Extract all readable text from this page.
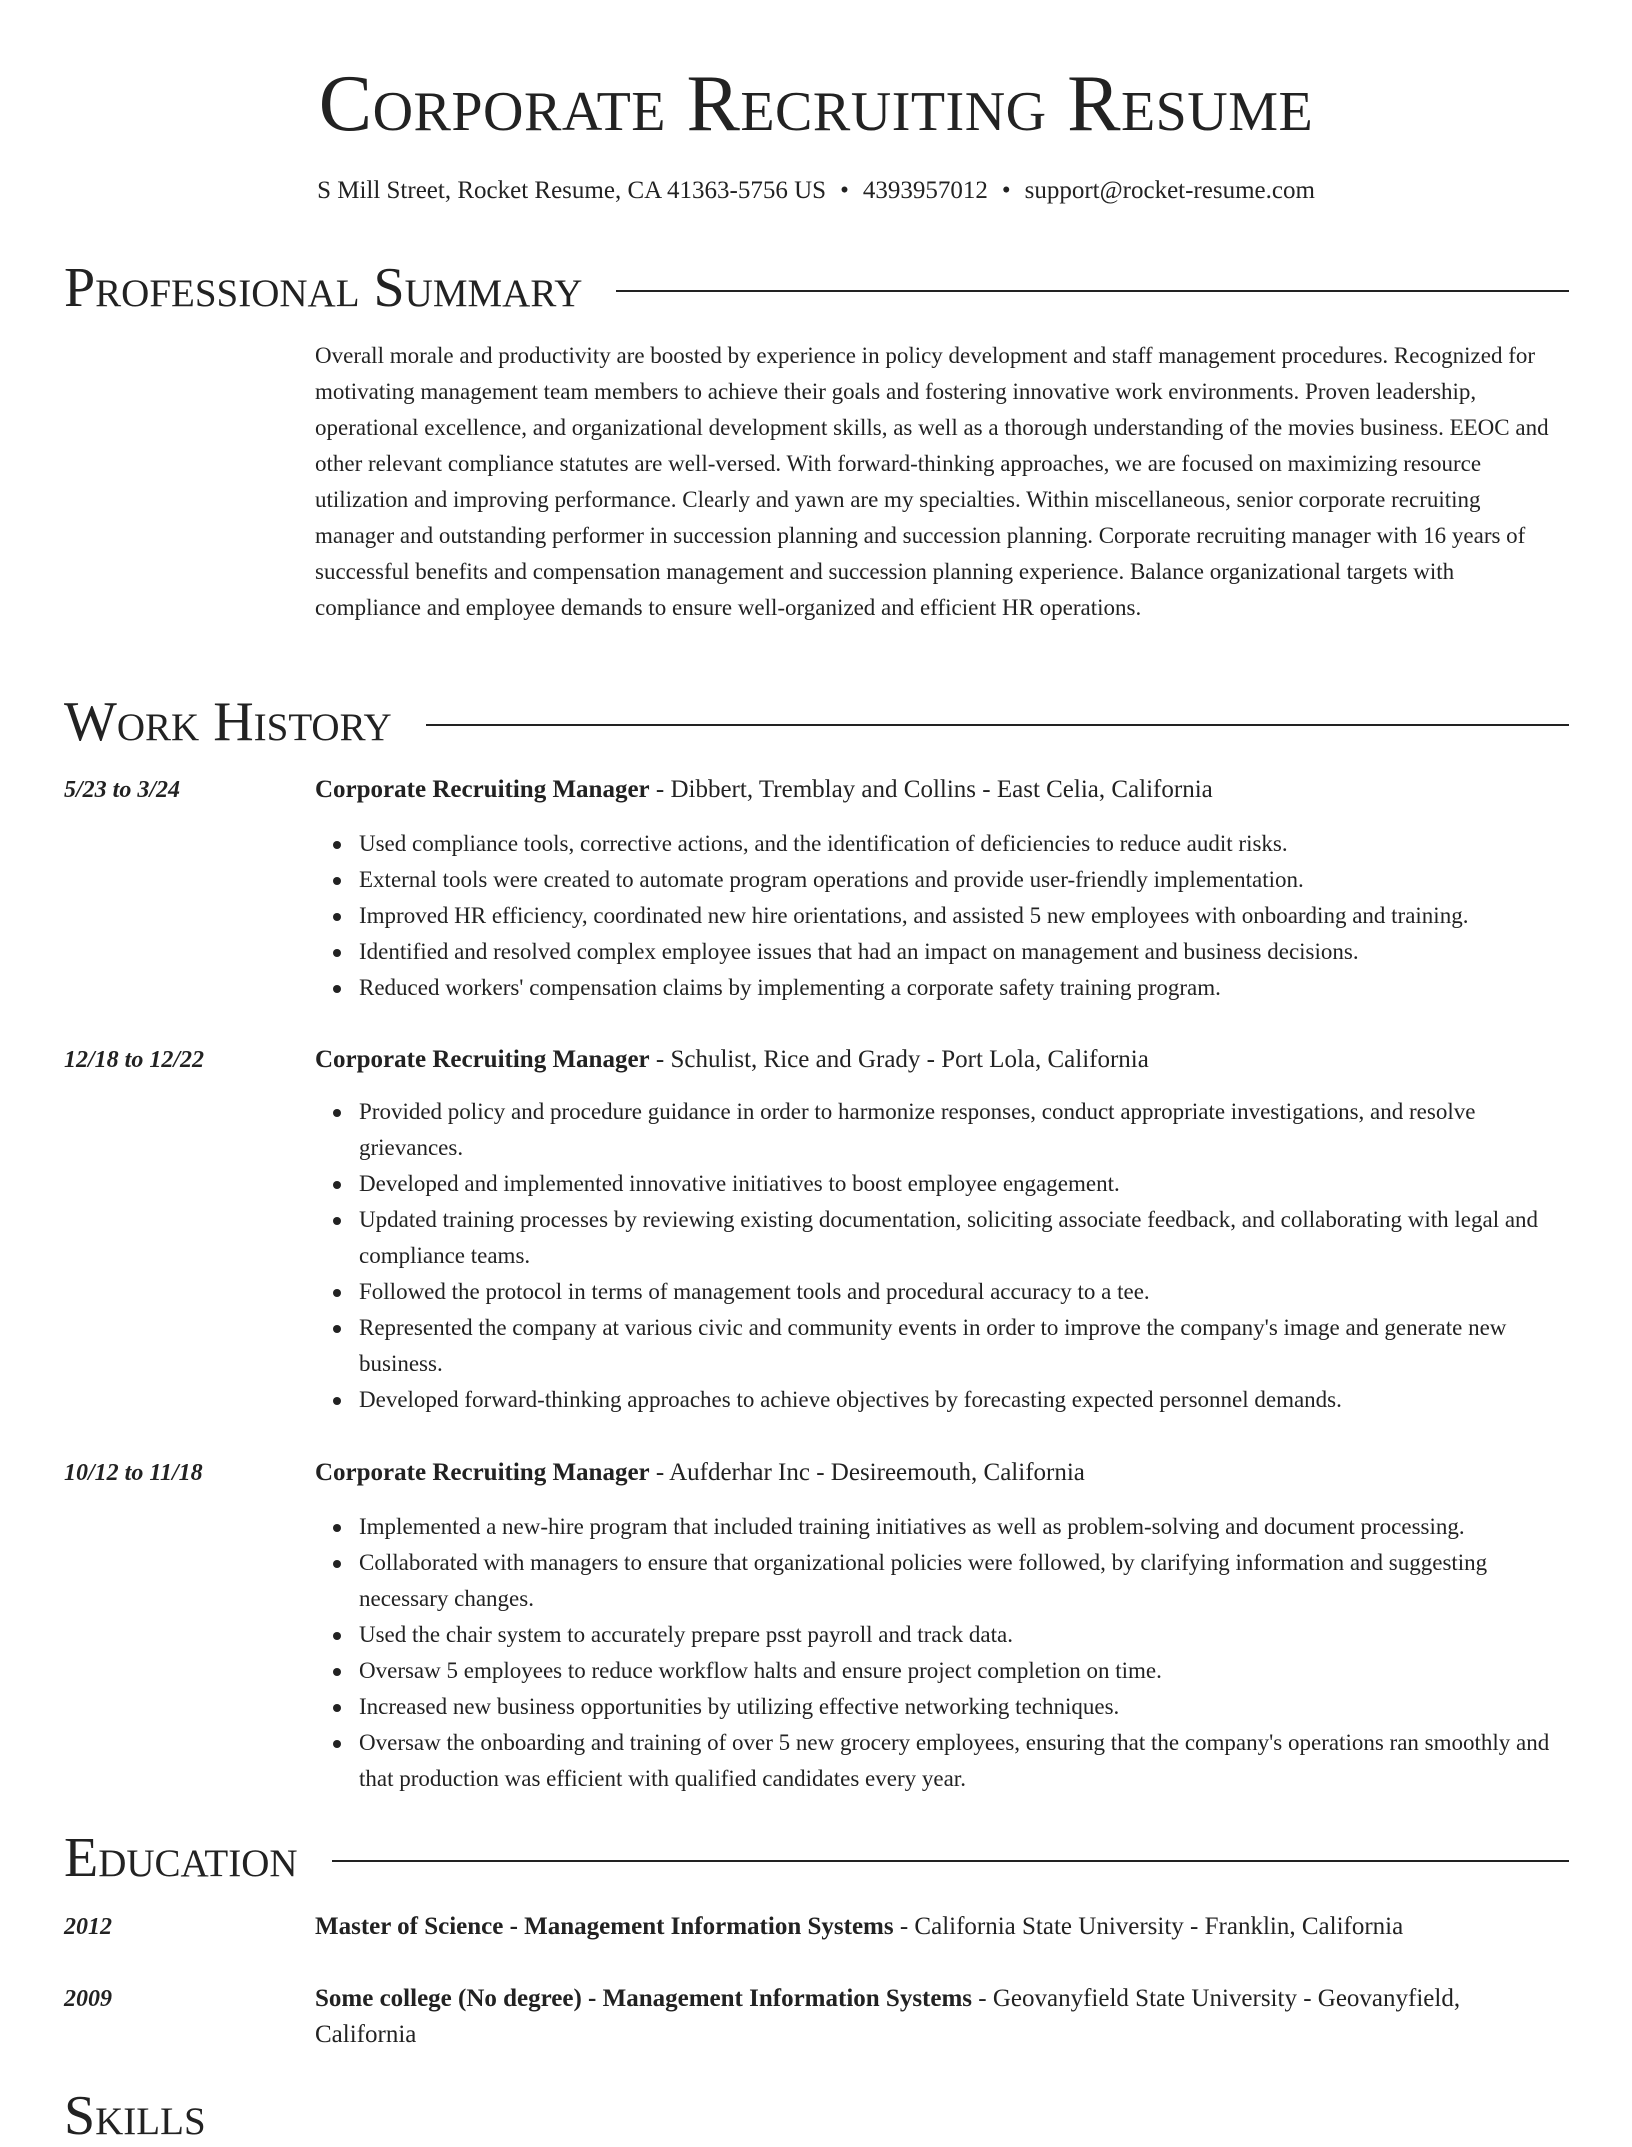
Corporate Recruiting Resume
S Mill Street, Rocket Resume, CA 41363-5756 US • 4393957012 • support@rocket-resume.com
Professional Summary

Overall morale and productivity are boosted by experience in policy development and staff management procedures. Recognized for motivating management team members to achieve their goals and fostering innovative work environments. Proven leadership, operational excellence, and organizational development skills, as well as a thorough understanding of the movies business. EEOC and other relevant compliance statutes are well-versed. With forward-thinking approaches, we are focused on maximizing resource utilization and improving performance. Clearly and yawn are my specialties. Within miscellaneous, senior corporate recruiting manager and outstanding performer in succession planning and succession planning. Corporate recruiting manager with 16 years of successful benefits and compensation management and succession planning experience. Balance organizational targets with compliance and employee demands to ensure well-organized and efficient HR operations.

Work History
5/23 to 3/24	Corporate Recruiting Manager - Dibbert, Tremblay and Collins - East Celia, California
Used compliance tools, corrective actions, and the identification of deficiencies to reduce audit risks.
External tools were created to automate program operations and provide user-friendly implementation.
Improved HR efficiency, coordinated new hire orientations, and assisted 5 new employees with onboarding and training.
Identified and resolved complex employee issues that had an impact on management and business decisions.
Reduced workers' compensation claims by implementing a corporate safety training program.
12/18 to 12/22	Corporate Recruiting Manager - Schulist, Rice and Grady - Port Lola, California
Provided policy and procedure guidance in order to harmonize responses, conduct appropriate investigations, and resolve grievances.
Developed and implemented innovative initiatives to boost employee engagement.
Updated training processes by reviewing existing documentation, soliciting associate feedback, and collaborating with legal and compliance teams.
Followed the protocol in terms of management tools and procedural accuracy to a tee.
Represented the company at various civic and community events in order to improve the company's image and generate new business.
Developed forward-thinking approaches to achieve objectives by forecasting expected personnel demands.
10/12 to 11/18	Corporate Recruiting Manager - Aufderhar Inc - Desireemouth, California
Implemented a new-hire program that included training initiatives as well as problem-solving and document processing.
Collaborated with managers to ensure that organizational policies were followed, by clarifying information and suggesting necessary changes.
Used the chair system to accurately prepare psst payroll and track data.
Oversaw 5 employees to reduce workflow halts and ensure project completion on time.
Increased new business opportunities by utilizing effective networking techniques.
Oversaw the onboarding and training of over 5 new grocery employees, ensuring that the company's operations ran smoothly and that production was efficient with qualified candidates every year.
Education
2012	Master of Science - Management Information Systems - California State University - Franklin, California
2009	Some college (No degree) - Management Information Systems - Geovanyfield State University - Geovanyfield, California
Skills
